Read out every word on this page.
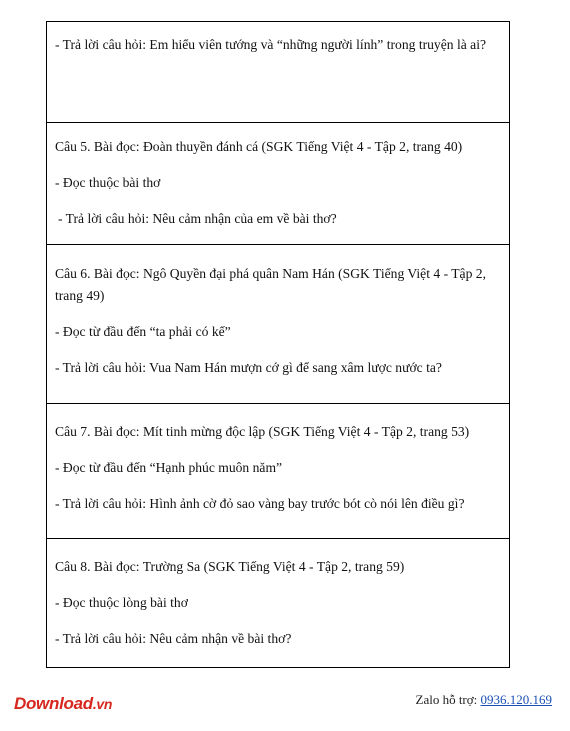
- Trả lời câu hỏi: Em hiểu viên tướng và “những người lính” trong truyện là ai?

Câu 5. Bài đọc: Đoàn thuyền đánh cá (SGK Tiếng Việt 4 - Tập 2, trang 40)

- Đọc thuộc bài thơ

- Trả lời câu hỏi: Nêu cảm nhận của em về bài thơ?

Câu 6. Bài đọc: Ngô Quyền đại phá quân Nam Hán (SGK Tiếng Việt 4 - Tập 2, trang 49)

- Đọc từ đầu đến “ta phải có kế”

- Trả lời câu hỏi: Vua Nam Hán mượn cớ gì để sang xâm lược nước ta?

Câu 7. Bài đọc: Mít tinh mừng độc lập (SGK Tiếng Việt 4 - Tập 2, trang 53)

- Đọc từ đầu đến “Hạnh phúc muôn năm”

- Trả lời câu hỏi: Hình ảnh cờ đỏ sao vàng bay trước bót cò nói lên điều gì?

Câu 8. Bài đọc: Trường Sa (SGK Tiếng Việt 4 - Tập 2, trang 59)

- Đọc thuộc lòng bài thơ

- Trả lời câu hỏi: Nêu cảm nhận về bài thơ?

Download.vn	Zalo hỗ trợ: 0936.120.169
